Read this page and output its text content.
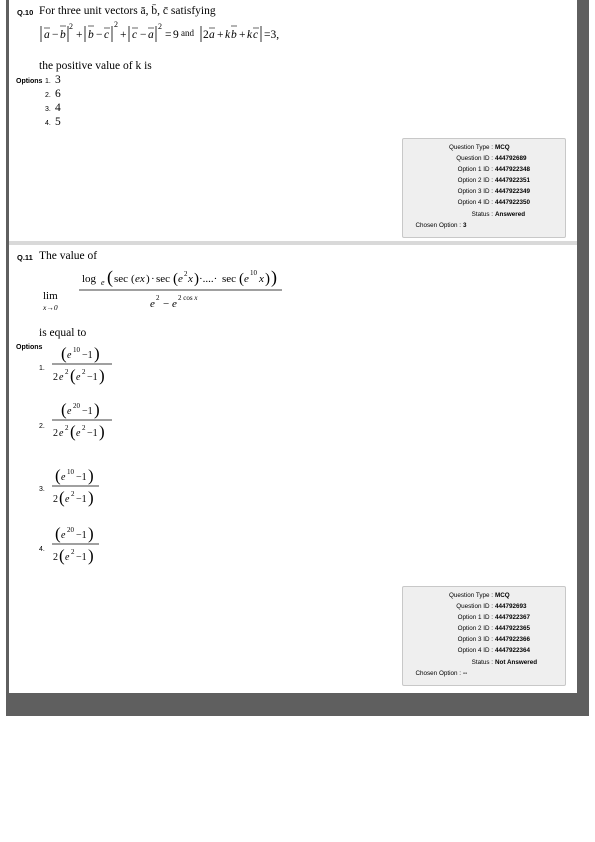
Q.10 For three unit vectors ā, b̄, c̄ satisfying
a − b
2
+ b − c
2
+ c − a
2
= 9 and 2 a + k b + k c =3,
the positive value of k is
Options 1. 3
2. 6
3. 4
4. 5
Question Type : MCQ
Question ID : 444792689
Option 1 ID : 4447922348
Option 2 ID : 4447922351
Option 3 ID : 4447922349
Option 4 ID : 4447922350
Status : Answered
Chosen Option : 3
Q.11 The value of
lim
x→0
log e ( sec ( ex ) · sec ( e 2 x ) ·....· sec ( e 10 x ) )
e 2 − e 2 cos x
is equal to
Options
1.
( e 10 −1 )
2 e 2 ( e 2 −1 )
2.
( e 20 −1 )
2 e 2 ( e 2 −1 )
3.
( e 10 −1 )
2 ( e 2 −1 )
4.
( e 20 −1 )
2 ( e 2 −1 )
Question Type : MCQ
Question ID : 444792693
Option 1 ID : 4447922367
Option 2 ID : 4447922365
Option 3 ID : 4447922366
Option 4 ID : 4447922364
Status : Not Answered
Chosen Option : --
